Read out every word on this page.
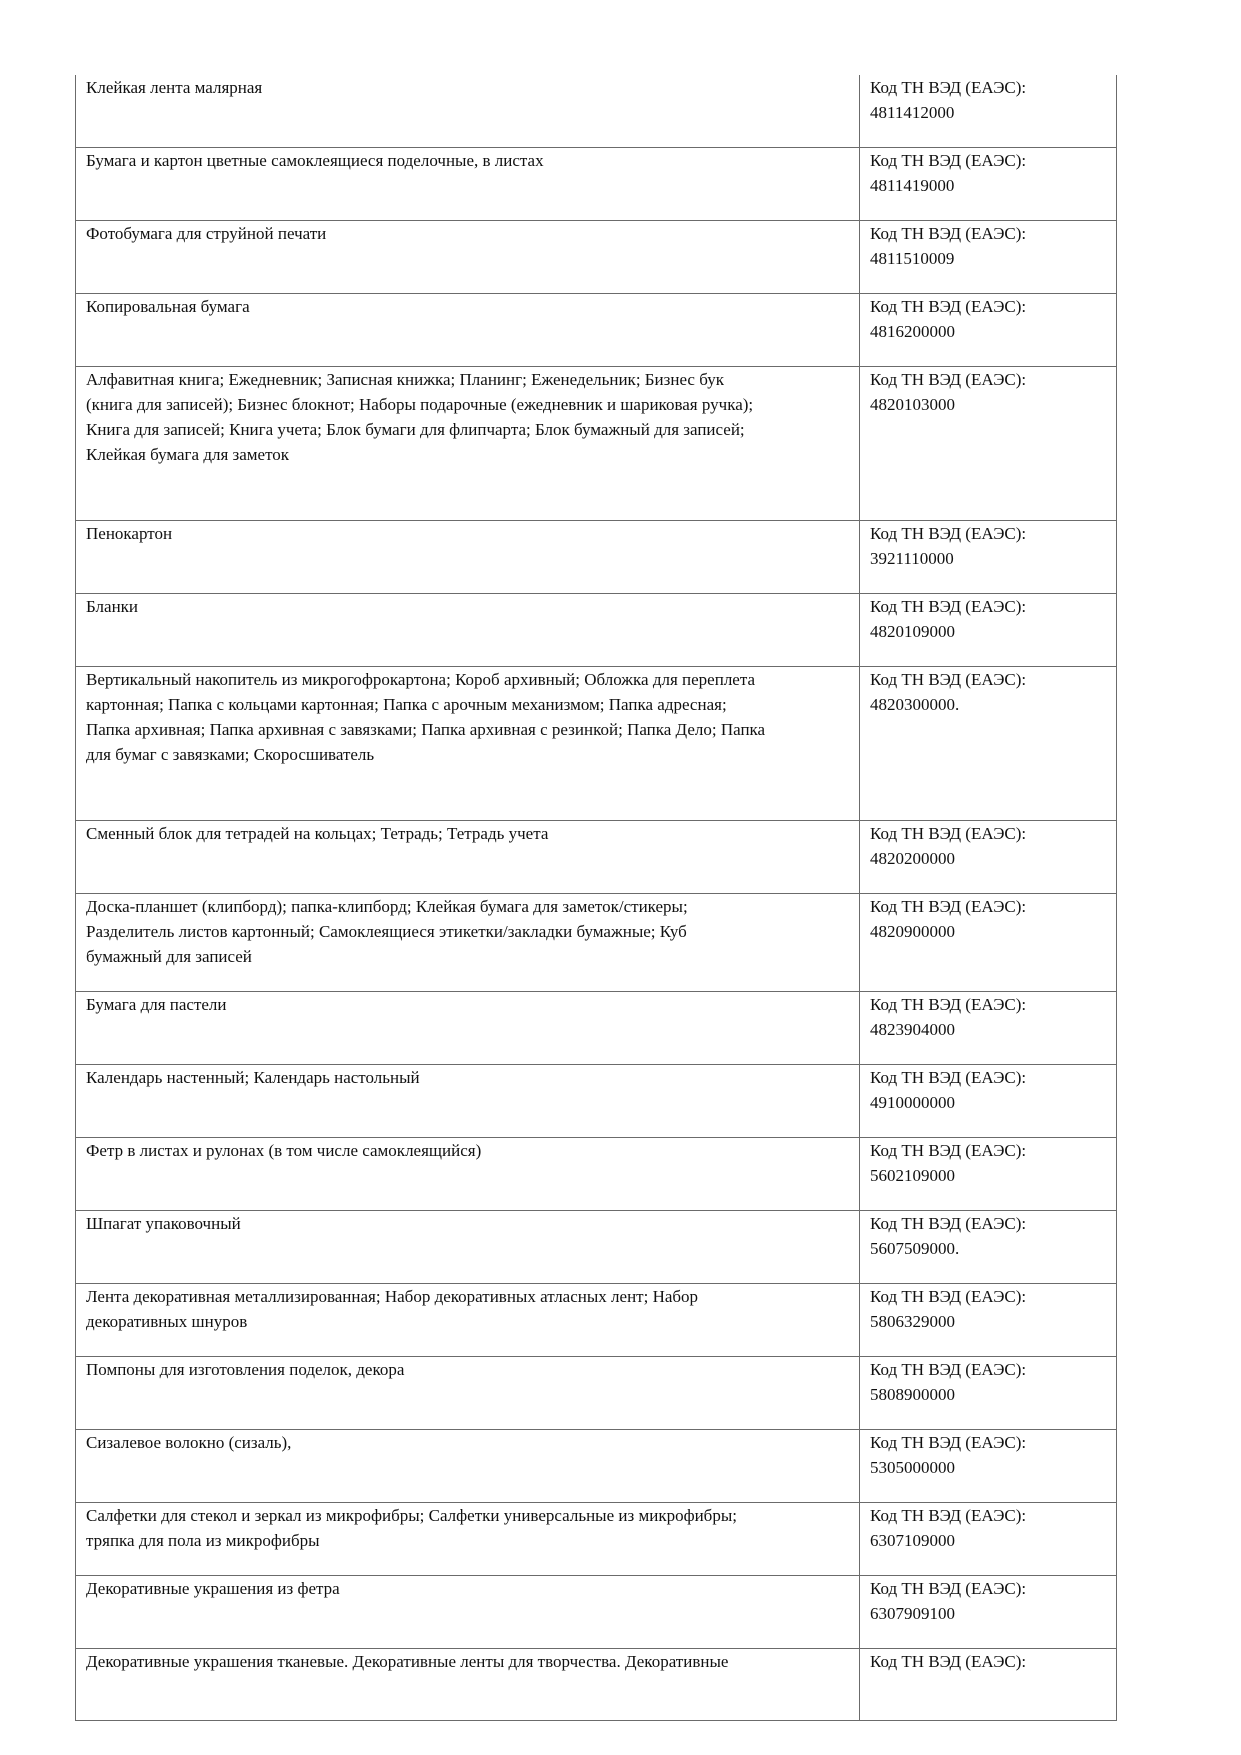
Клейкая лента малярная	Код ТН ВЭД (ЕАЭС):
4811412000

Бумага и картон цветные самоклеящиеся поделочные, в листах	Код ТН ВЭД (ЕАЭС):
4811419000

Фотобумага для струйной печати	Код ТН ВЭД (ЕАЭС):
4811510009

Копировальная бумага	Код ТН ВЭД (ЕАЭС):
4816200000

Алфавитная книга; Ежедневник; Записная книжка; Планинг; Еженедельник; Бизнес бук
(книга для записей); Бизнес блокнот; Наборы подарочные (ежедневник и шариковая ручка);
Книга для записей; Книга учета; Блок бумаги для флипчарта; Блок бумажный для записей;
Клейкая бумага для заметок	Код ТН ВЭД (ЕАЭС):
4820103000

Пенокартон	Код ТН ВЭД (ЕАЭС):
3921110000

Бланки	Код ТН ВЭД (ЕАЭС):
4820109000

Вертикальный накопитель из микрогофрокартона; Короб архивный; Обложка для переплета
картонная; Папка с кольцами картонная; Папка с арочным механизмом; Папка адресная;
Папка архивная; Папка архивная с завязками; Папка архивная с резинкой; Папка Дело; Папка
для бумаг с завязками; Скоросшиватель	Код ТН ВЭД (ЕАЭС):
4820300000.

Сменный блок для тетрадей на кольцах; Тетрадь; Тетрадь учета	Код ТН ВЭД (ЕАЭС):
4820200000

Доска-планшет (клипборд); папка-клипборд; Клейкая бумага для заметок/стикеры;
Разделитель листов картонный; Самоклеящиеся этикетки/закладки бумажные; Куб
бумажный для записей	Код ТН ВЭД (ЕАЭС):
4820900000

Бумага для пастели	Код ТН ВЭД (ЕАЭС):
4823904000

Календарь настенный; Календарь настольный	Код ТН ВЭД (ЕАЭС):
4910000000

Фетр в листах и рулонах (в том числе самоклеящийся)	Код ТН ВЭД (ЕАЭС):
5602109000

Шпагат упаковочный	Код ТН ВЭД (ЕАЭС):
5607509000.

Лента декоративная металлизированная; Набор декоративных атласных лент; Набор
декоративных шнуров	Код ТН ВЭД (ЕАЭС):
5806329000

Помпоны для изготовления поделок, декора	Код ТН ВЭД (ЕАЭС):
5808900000

Сизалевое волокно (сизаль),	Код ТН ВЭД (ЕАЭС):
5305000000

Салфетки для стекол и зеркал из микрофибры; Салфетки универсальные из микрофибры;
тряпка для пола из микрофибры	Код ТН ВЭД (ЕАЭС):
6307109000

Декоративные украшения из фетра	Код ТН ВЭД (ЕАЭС):
6307909100

Декоративные украшения тканевые. Декоративные ленты для творчества. Декоративные	Код ТН ВЭД (ЕАЭС):
